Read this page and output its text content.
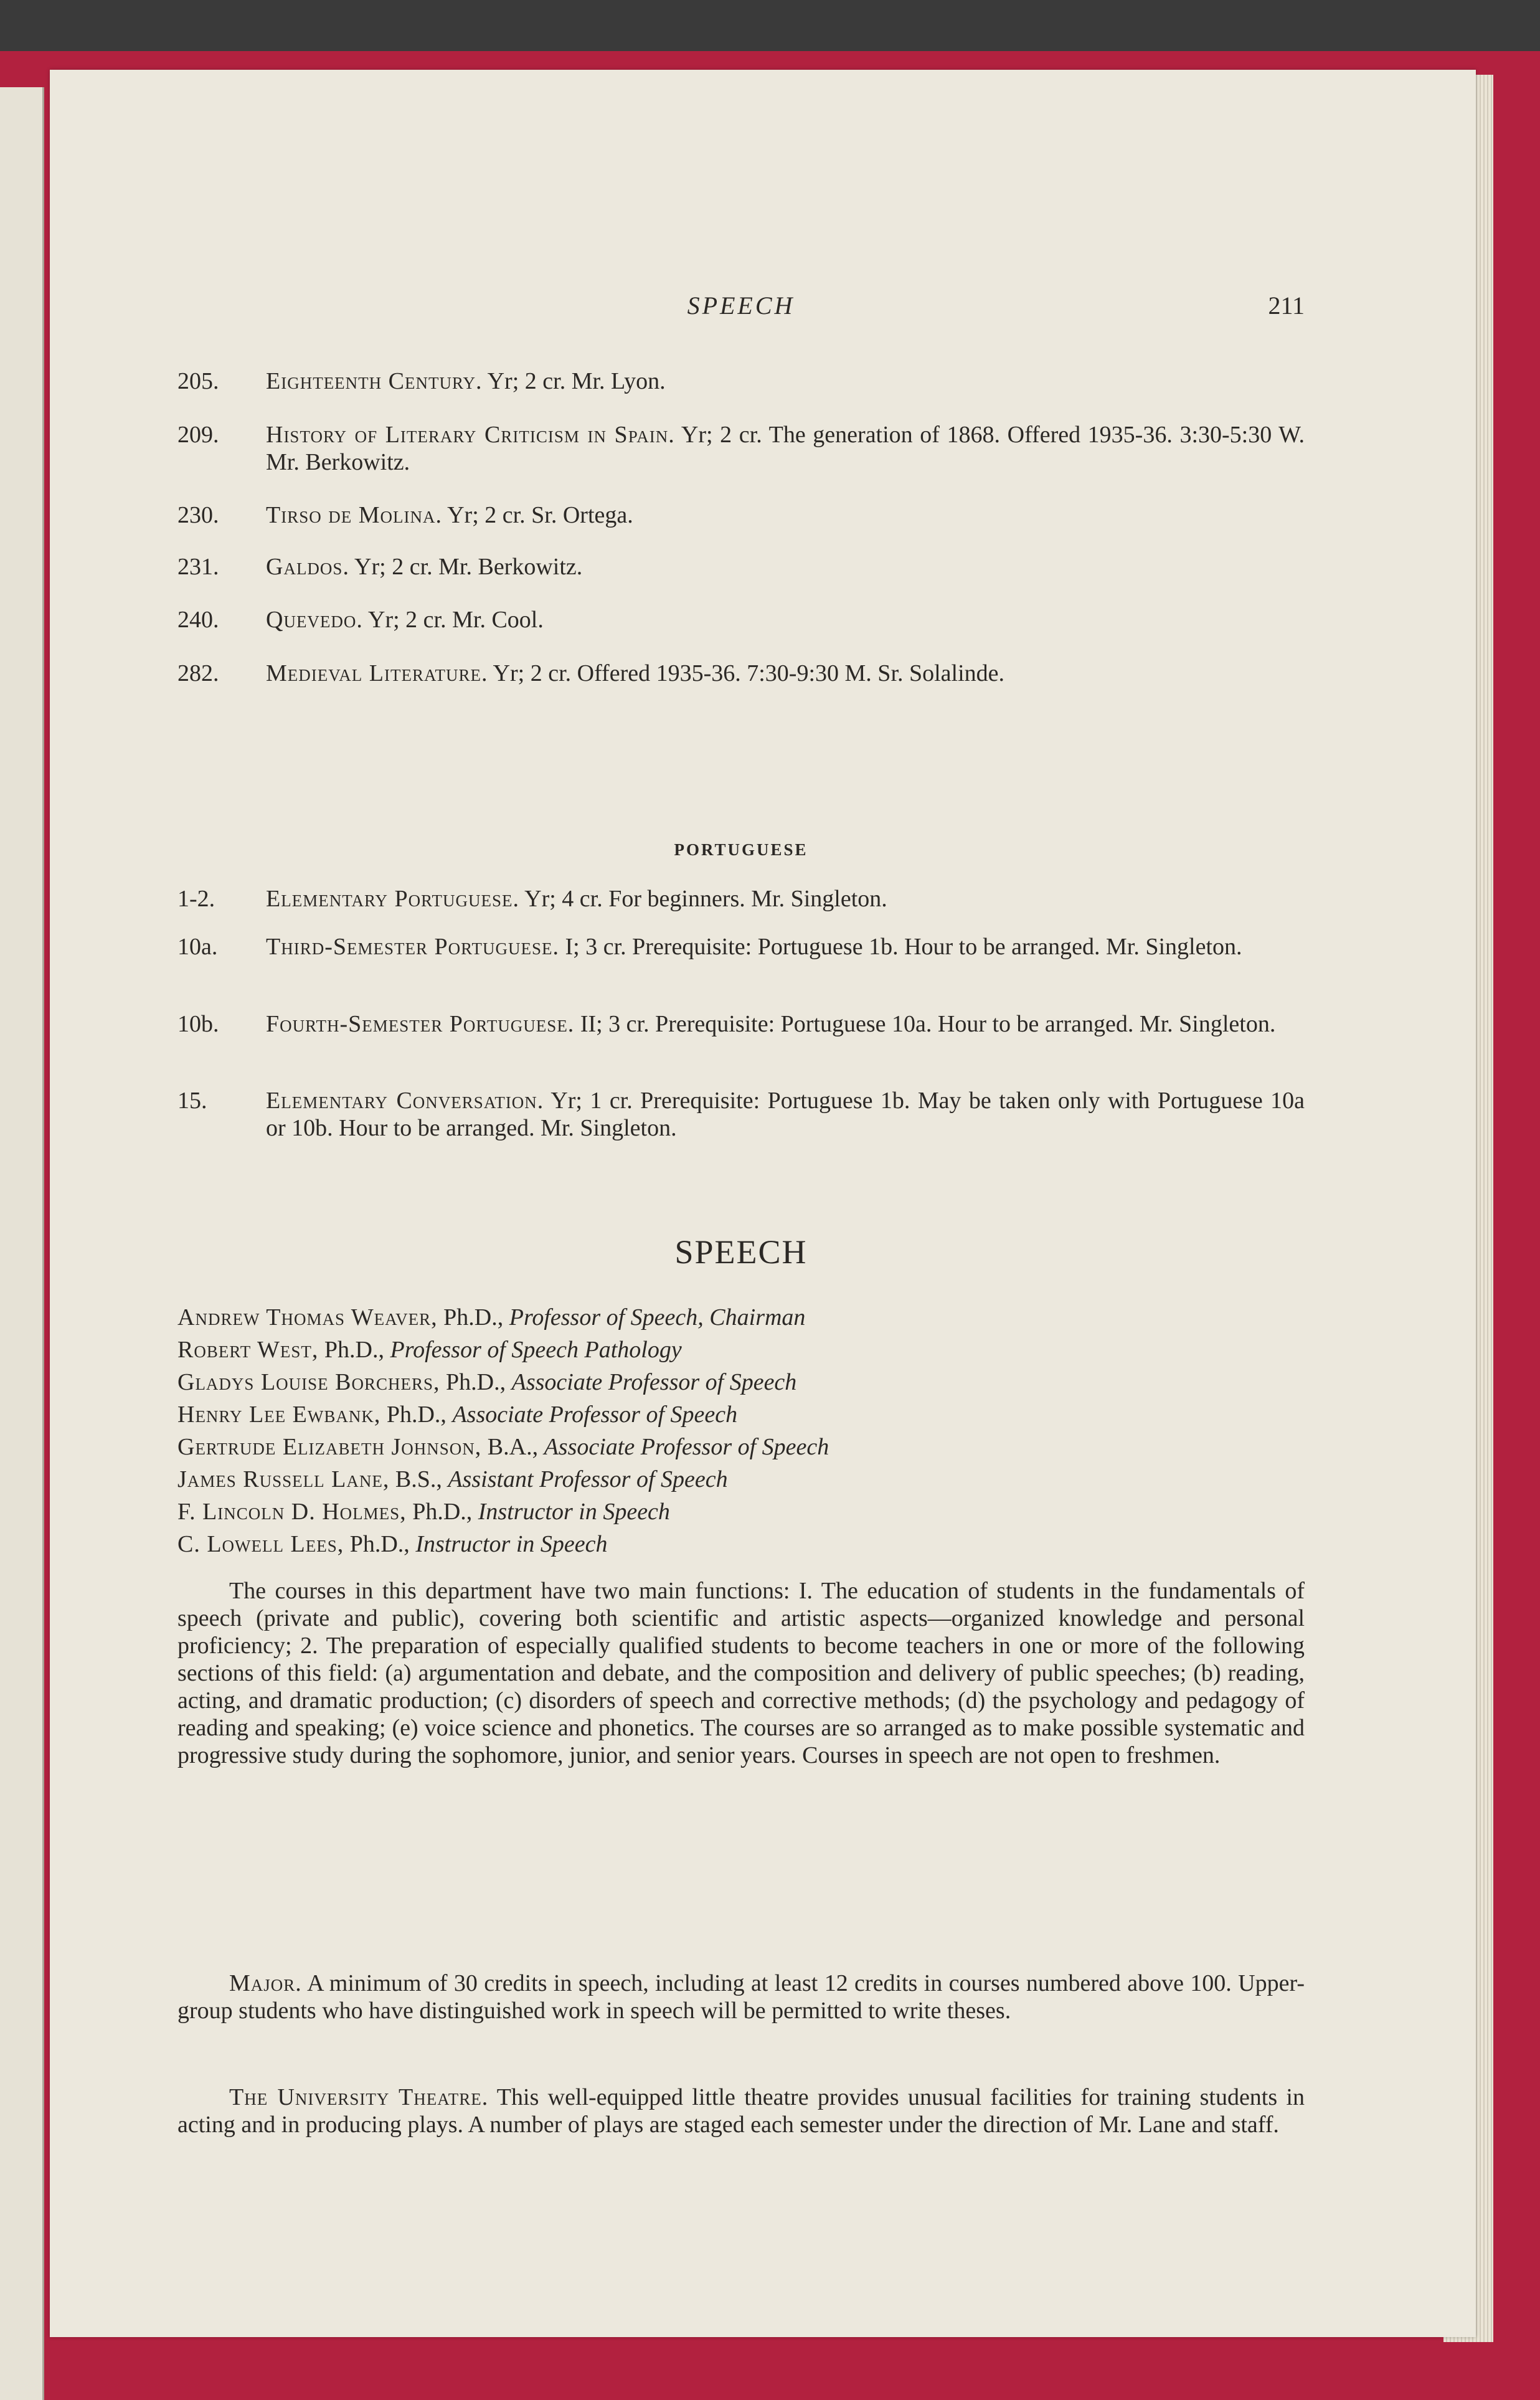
SPEECH	211
205.	Eighteenth Century. Yr; 2 cr. Mr. Lyon.
209.	History of Literary Criticism in Spain. Yr; 2 cr. The generation of 1868. Offered 1935-36. 3:30-5:30 W. Mr. Berkowitz.
230.	Tirso de Molina. Yr; 2 cr. Sr. Ortega.
231.	Galdos. Yr; 2 cr. Mr. Berkowitz.
240.	Quevedo. Yr; 2 cr. Mr. Cool.
282.	Medieval Literature. Yr; 2 cr. Offered 1935-36. 7:30-9:30 M. Sr. Solalinde.
PORTUGUESE
1-2.	Elementary Portuguese. Yr; 4 cr. For beginners. Mr. Singleton.
10a.	Third-Semester Portuguese. I; 3 cr. Prerequisite: Portuguese 1b. Hour to be arranged. Mr. Singleton.
10b.	Fourth-Semester Portuguese. II; 3 cr. Prerequisite: Portuguese 10a. Hour to be arranged. Mr. Singleton.
15.	Elementary Conversation. Yr; 1 cr. Prerequisite: Portuguese 1b. May be taken only with Portuguese 10a or 10b. Hour to be arranged. Mr. Singleton.
SPEECH
Andrew Thomas Weaver, Ph.D., Professor of Speech, Chairman
Robert West, Ph.D., Professor of Speech Pathology
Gladys Louise Borchers, Ph.D., Associate Professor of Speech
Henry Lee Ewbank, Ph.D., Associate Professor of Speech
Gertrude Elizabeth Johnson, B.A., Associate Professor of Speech
James Russell Lane, B.S., Assistant Professor of Speech
F. Lincoln D. Holmes, Ph.D., Instructor in Speech
C. Lowell Lees, Ph.D., Instructor in Speech
The courses in this department have two main functions: I. The education of students in the fundamentals of speech (private and public), covering both scientific and artistic aspects—organized knowledge and personal proficiency; 2. The preparation of especially qualified students to become teachers in one or more of the following sections of this field: (a) argumentation and debate, and the composition and delivery of public speeches; (b) reading, acting, and dramatic production; (c) disorders of speech and corrective methods; (d) the psychology and pedagogy of reading and speaking; (e) voice science and phonetics. The courses are so arranged as to make possible systematic and progressive study during the sophomore, junior, and senior years. Courses in speech are not open to freshmen.
Major. A minimum of 30 credits in speech, including at least 12 credits in courses numbered above 100. Upper-group students who have distinguished work in speech will be permitted to write theses.
The University Theatre. This well-equipped little theatre provides unusual facilities for training students in acting and in producing plays. A number of plays are staged each semester under the direction of Mr. Lane and staff.
